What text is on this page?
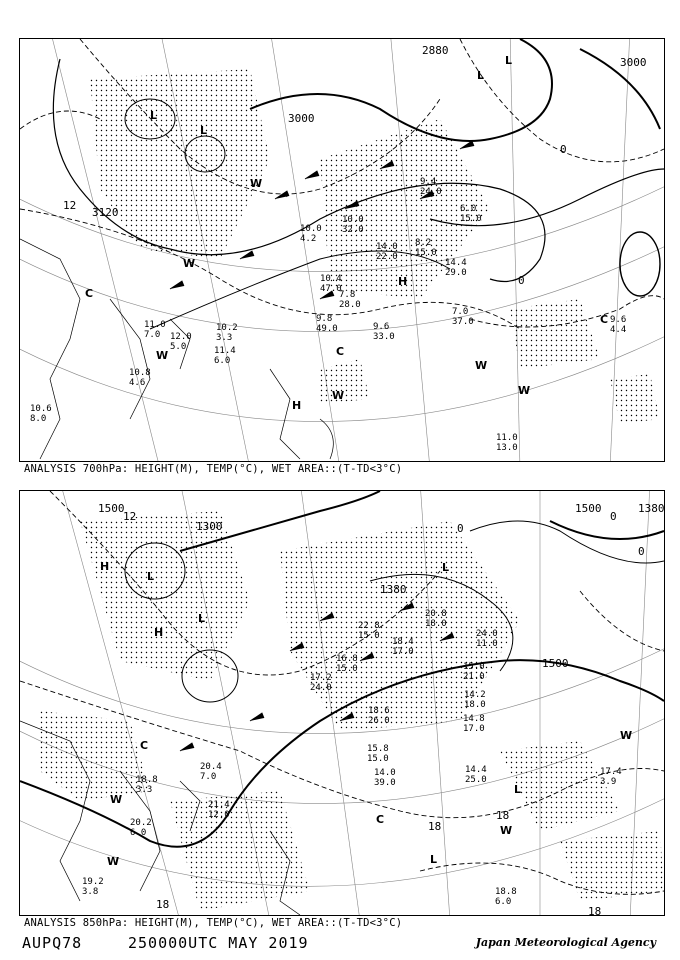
3000
3000
3120
12
0
0
2880
L
L
L
L
H
H
C
C
C
W
W
W
W
W
W
11.0
13.0
7.0
37.0
9.6
33.0
7.8
28.0
8.2
15.0
14.4
29.0
9.6
4.4
10.2
3.3
11.4
6.0
10.8
4.6
10.6
8.0
10.0
32.0
9.4
24.0
11.0
7.0 12.0
5.0
10.0
4.2
9.8
49.0
10.4
47.0
14.0
22.0
6.0
15.0
ANALYSIS 700hPa: HEIGHT(M), TEMP(°C), WET AREA::(T-TD<3°C)
1500	1500
1500
1300
1380
1380
12
18
18
18
18
0
0
0
H
H
L
L
L
L
L
C
C
W
W
W
W
18.8
6.0
17.4
3.9
14.4
25.0
14.8
17.0
15.0
21.0
14.2
18.0
15.8
15.0
14.0
39.0
18.6
26.0
18.4
17.0
21.4
12.0
20.4
7.0
18.8
3.3
19.2
3.8
20.2
6.0
22.8
15.0	24.0
11.0
20.8
18.0
17.2
24.0
16.8
15.0
ANALYSIS 850hPa: HEIGHT(M), TEMP(°C), WET AREA::(T-TD<3°C)
AUPQ78	250000UTC MAY 2019	Japan Meteorological Agency
